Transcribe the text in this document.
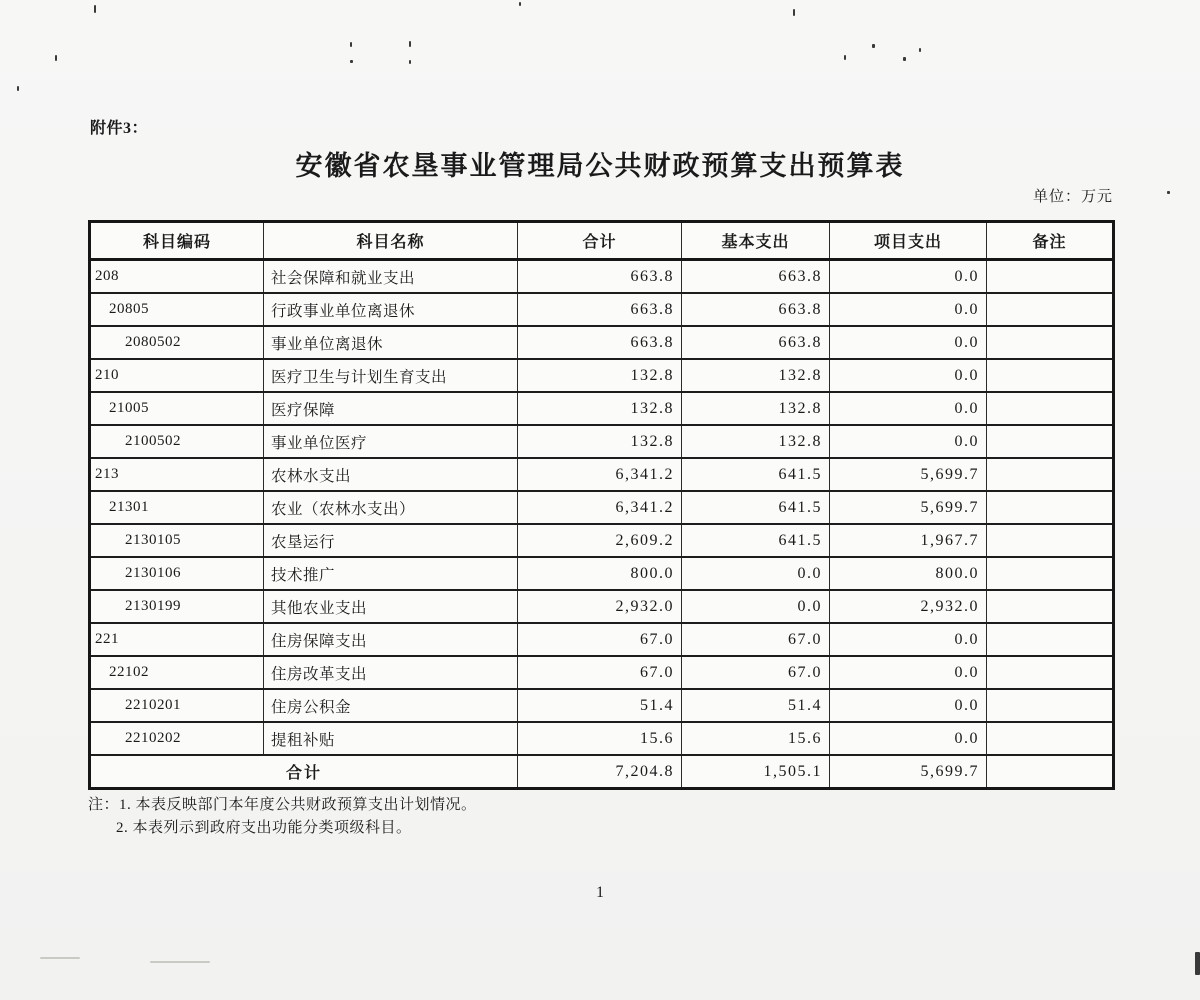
附件3：
安徽省农垦事业管理局公共财政预算支出预算表
单位：万元
科目编码	科目名称	合计	基本支出	项目支出	备注
208	社会保障和就业支出	663.8	663.8	0.0	
20805	行政事业单位离退休	663.8	663.8	0.0	
2080502	事业单位离退休	663.8	663.8	0.0	
210	医疗卫生与计划生育支出	132.8	132.8	0.0	
21005	医疗保障	132.8	132.8	0.0	
2100502	事业单位医疗	132.8	132.8	0.0	
213	农林水支出	6,341.2	641.5	5,699.7	
21301	农业（农林水支出）	6,341.2	641.5	5,699.7	
2130105	农垦运行	2,609.2	641.5	1,967.7	
2130106	技术推广	800.0	0.0	800.0	
2130199	其他农业支出	2,932.0	0.0	2,932.0	
221	住房保障支出	67.0	67.0	0.0	
22102	住房改革支出	67.0	67.0	0.0	
2210201	住房公积金	51.4	51.4	0.0	
2210202	提租补贴	15.6	15.6	0.0	
合计		7,204.8	1,505.1	5,699.7	
注：1. 本表反映部门本年度公共财政预算支出计划情况。
2. 本表列示到政府支出功能分类项级科目。
1
